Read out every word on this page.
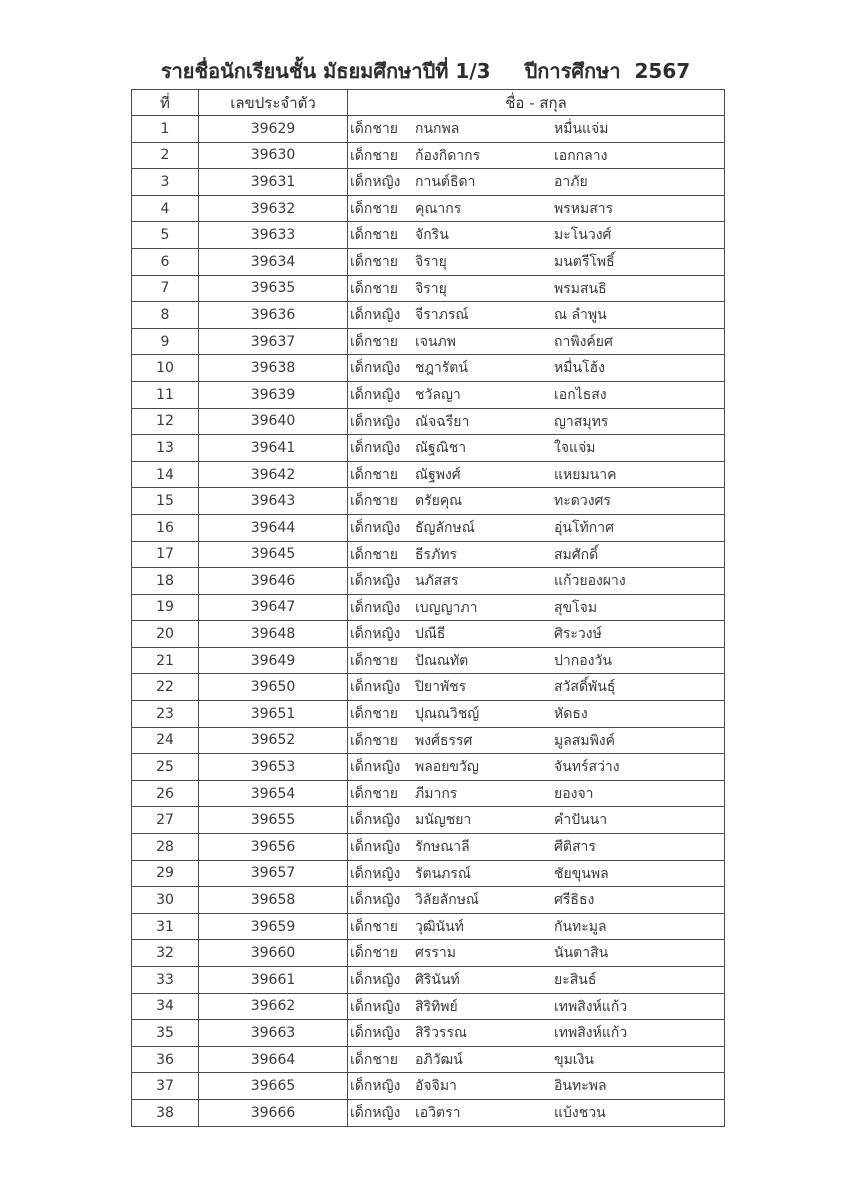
รายชื่อนักเรียนชั้น มัธยมศึกษาปีที่ 1/3 ปีการศึกษา  2567
ที่	เลขประจำตัว	ชื่อ - สกุล
1	39629	เด็กชาย กนกพล หมื่นแจ่ม

2	39630	เด็กชาย ก้องกิดากร เอกกลาง

3	39631	เด็กหญิง กานต์ธิดา อาภัย

4	39632	เด็กชาย คุณากร พรหมสาร

5	39633	เด็กชาย จักริน มะโนวงศ์

6	39634	เด็กชาย จิรายุ มนตรีโพธิ์

7	39635	เด็กชาย จิรายุ พรมสนธิ

8	39636	เด็กหญิง จีราภรณ์ ณ ลำพูน

9	39637	เด็กชาย เจนภพ ถาพิงค์ยศ

10	39638	เด็กหญิง ชฎารัตน์ หมื่นโฮ้ง

11	39639	เด็กหญิง ชวัลญา เอกไธสง

12	39640	เด็กหญิง ณัจฉรียา ญาสมุทร

13	39641	เด็กหญิง ณัฐณิชา ใจแจ่ม

14	39642	เด็กชาย ณัฐพงศ์ แหยมนาค

15	39643	เด็กชาย ตรัยคุณ ทะดวงศร

16	39644	เด็กหญิง ธัญลักษณ์ อุ่นโท้กาศ

17	39645	เด็กชาย ธีรภัทร สมศักดิ์

18	39646	เด็กหญิง นภัสสร แก้วยองผาง

19	39647	เด็กหญิง เบญญาภา สุขโจม

20	39648	เด็กหญิง ปณีธี ศิระวงษ์

21	39649	เด็กชาย ปัณณทัต ปากองวัน

22	39650	เด็กหญิง ปิยาพัชร สวัสดิ์พันธุ์

23	39651	เด็กชาย ปุณณวิชญ์ หัดธง

24	39652	เด็กชาย พงศ์ธรรศ มูลสมพิงค์

25	39653	เด็กหญิง พลอยขวัญ จันทร์สว่าง

26	39654	เด็กชาย ภีมากร ยองจา

27	39655	เด็กหญิง มนัญชยา คำปันนา

28	39656	เด็กหญิง รักษณาลี ศีติสาร

29	39657	เด็กหญิง รัตนภรณ์ ชัยขุนพล

30	39658	เด็กหญิง วิลัยลักษณ์ ศรีธิธง

31	39659	เด็กชาย วุฒินันท์ กันทะมูล

32	39660	เด็กชาย ศรราม นันตาสิน

33	39661	เด็กหญิง ศิรินันท์ ยะสินธ์

34	39662	เด็กหญิง สิริทิพย์ เทพสิงห์แก้ว

35	39663	เด็กหญิง สิริวรรณ เทพสิงห์แก้ว

36	39664	เด็กชาย อภิวัฒน์ ขุมเงิน

37	39665	เด็กหญิง อัจจิมา อินทะพล

38	39666	เด็กหญิง เอวิตรา แบ้งชวน
